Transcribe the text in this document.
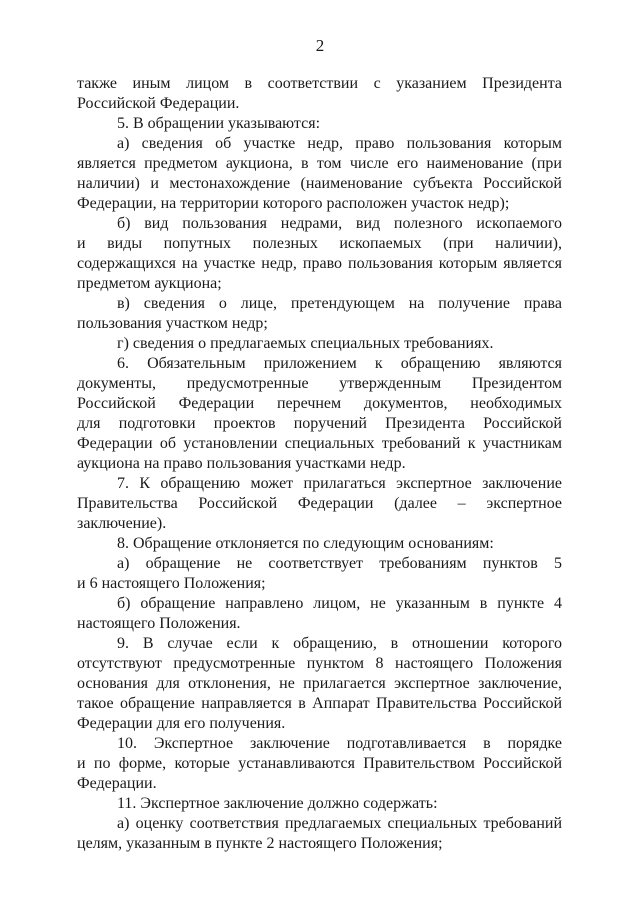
2
также иным лицом в соответствии с указанием Президента
Российской Федерации.
5. В обращении указываются:
а) сведения об участке недр, право пользования которым
является предметом аукциона, в том числе его наименование (при
наличии) и местонахождение (наименование субъекта Российской
Федерации, на территории которого расположен участок недр);
б) вид пользования недрами, вид полезного ископаемого
и виды попутных полезных ископаемых (при наличии),
содержащихся на участке недр, право пользования которым является
предметом аукциона;
в) сведения о лице, претендующем на получение права
пользования участком недр;
г) сведения о предлагаемых специальных требованиях.
6. Обязательным приложением к обращению являются
документы, предусмотренные утвержденным Президентом
Российской Федерации перечнем документов, необходимых
для подготовки проектов поручений Президента Российской
Федерации об установлении специальных требований к участникам
аукциона на право пользования участками недр.
7. К обращению может прилагаться экспертное заключение
Правительства Российской Федерации (далее – экспертное
заключение).
8. Обращение отклоняется по следующим основаниям:
а) обращение не соответствует требованиям пунктов 5
и 6 настоящего Положения;
б) обращение направлено лицом, не указанным в пункте 4
настоящего Положения.
9. В случае если к обращению, в отношении которого
отсутствуют предусмотренные пунктом 8 настоящего Положения
основания для отклонения, не прилагается экспертное заключение,
такое обращение направляется в Аппарат Правительства Российской
Федерации для его получения.
10. Экспертное заключение подготавливается в порядке
и по форме, которые устанавливаются Правительством Российской
Федерации.
11. Экспертное заключение должно содержать:
а) оценку соответствия предлагаемых специальных требований
целям, указанным в пункте 2 настоящего Положения;
